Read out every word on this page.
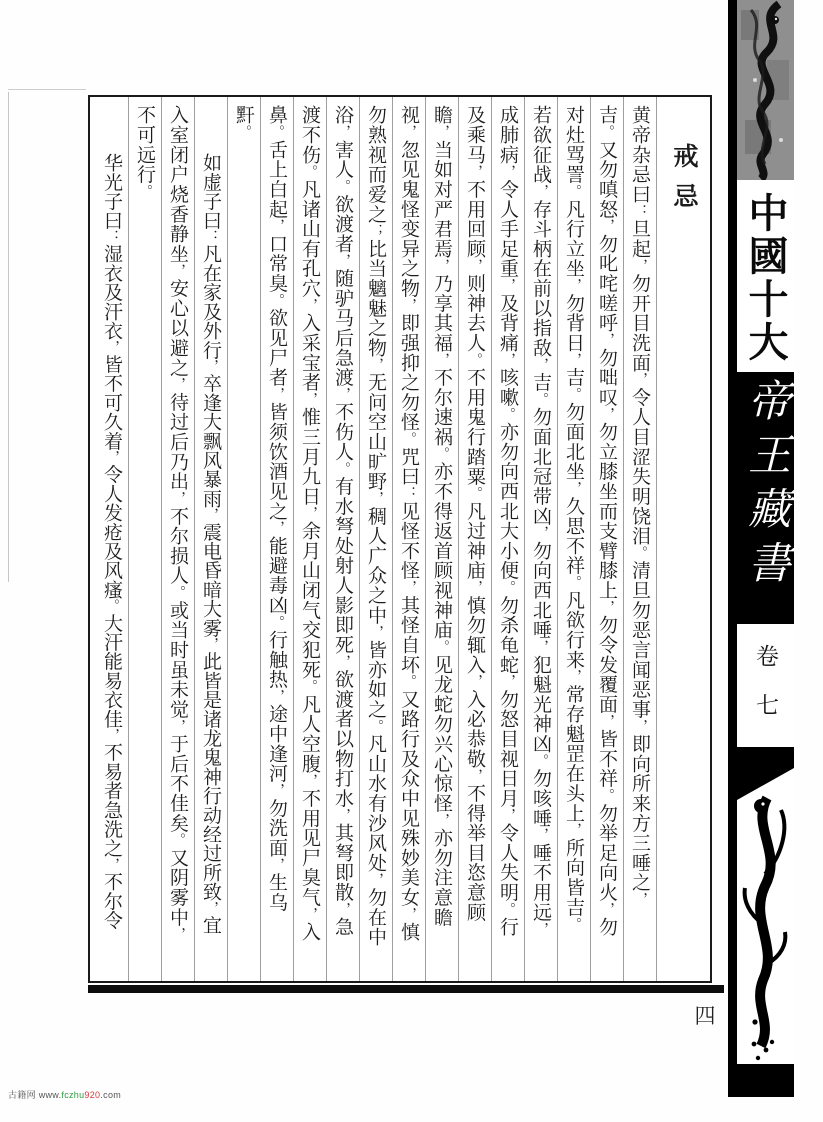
戒忌
黄帝杂忌曰：旦起，勿开目洗面，令人目涩失明饶泪。清旦勿恶言闻恶事，即向所来方三唾之，
吉。又勿嗔怒，勿叱咤嗟呼，勿咄叹，勿立膝坐而支臂膝上，勿令发覆面，皆不祥。勿举足向火，勿
对灶骂詈。凡行立坐，勿背日，吉。勿面北坐，久思不祥。凡欲行来，常存魁罡在头上，所向皆吉。
若欲征战，存斗柄在前以指敌，吉。勿面北冠带凶，勿向西北唾，犯魁光神凶。勿咳唾，唾不用远，
成肺病，令人手足重，及背痛，咳嗽。亦勿向西北大小便。勿杀龟蛇，勿怒目视日月，令人失明。行
及乘马，不用回顾，则神去人。不用鬼行踏粟。凡过神庙，慎勿辄入，入必恭敬，不得举目恣意顾
瞻，当如对严君焉，乃享其福，不尔速祸。亦不得返首顾视神庙。见龙蛇勿兴心惊怪，亦勿注意瞻
视，忽见鬼怪变异之物，即强抑之勿怪。咒曰：见怪不怪，其怪自坏。又路行及众中见殊妙美女，慎
勿熟视而爱之；比当魑魅之物，无问空山旷野，稠人广众之中，皆亦如之。凡山水有沙风处，勿在中
浴，害人。欲渡者，随驴马后急渡，不伤人。有水弩处射人影即死，欲渡者以物打水，其弩即散，急
渡不伤。凡诸山有孔穴，入采宝者，惟三月九日，余月山闭气交犯死。凡人空腹，不用见尸臭气，入
鼻。舌上白起，口常臭。欲见尸者，皆须饮酒见之，能避毒凶。行触热，途中逢河，勿洗面，生乌
䵟。
如虚子曰：凡在家及外行，卒逢大飘风暴雨，震电昏暗大雾，此皆是诸龙鬼神行动经过所致，宜
入室闭户烧香静坐，安心以避之，待过后乃出，不尔损人。或当时虽未觉，于后不佳矣。又阴雾中，
不可远行。
华光子曰：湿衣及汗衣，皆不可久着，令人发疮及风瘙。大汗能易衣佳，不易者急洗之，不尔令
四
中國十大
帝王藏書
卷七
古籍网 www.fczhu920.com
